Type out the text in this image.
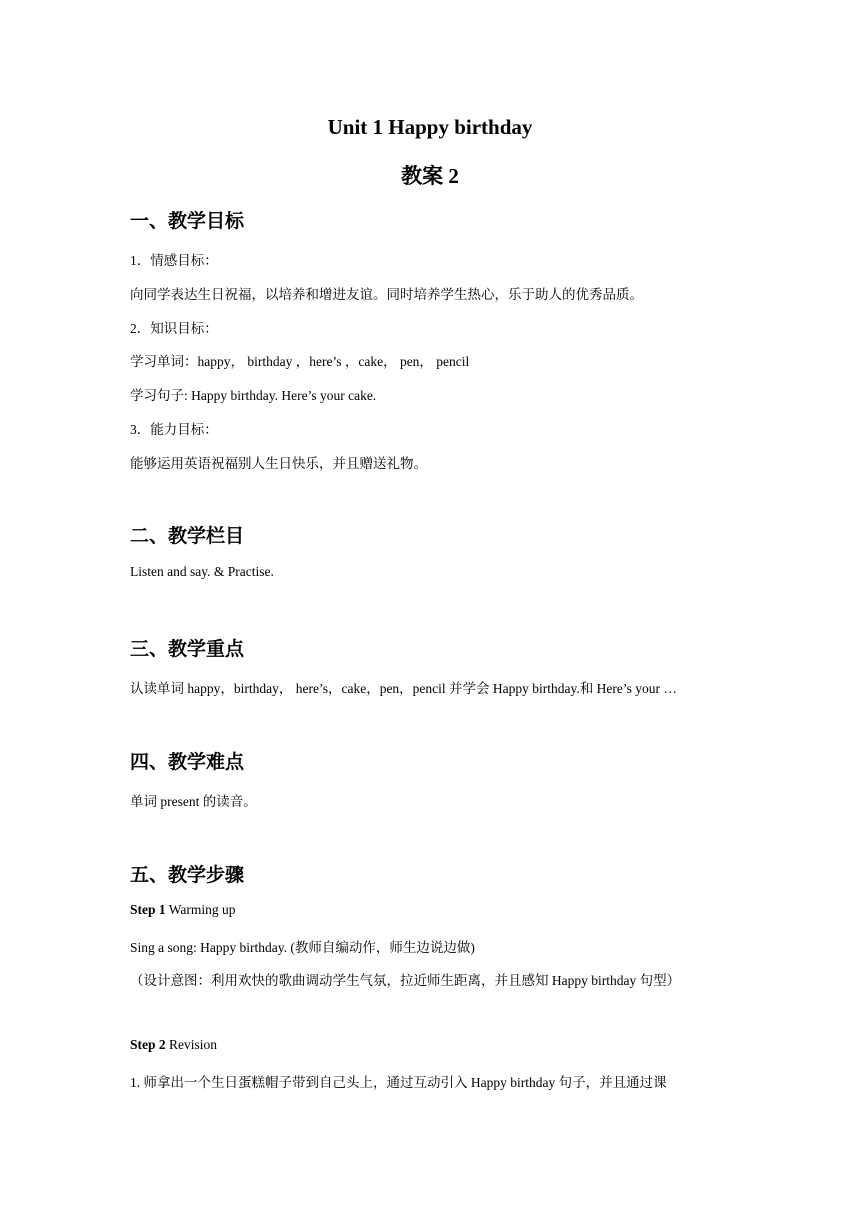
Unit 1 Happy birthday
教案 2
一、教学目标
1．情感目标：
向同学表达生日祝福，以培养和增进友谊。同时培养学生热心，乐于助人的优秀品质。
2．知识目标：
学习单词：happy， birthday ，here’s ，cake， pen， pencil
学习句子: Happy birthday. Here’s your cake.
3．能力目标：
能够运用英语祝福别人生日快乐，并且赠送礼物。
二、教学栏目
Listen and say. & Practise.
三、教学重点
认读单词 happy，birthday， here’s，cake，pen，pencil 并学会 Happy birthday.和 Here’s your …
四、教学难点
单词 present 的读音。
五、教学步骤
Step 1 Warming up
Sing a song: Happy birthday. (教师自编动作，师生边说边做)
（设计意图：利用欢快的歌曲调动学生气氛，拉近师生距离，并且感知 Happy birthday 句型）
Step 2 Revision
1. 师拿出一个生日蛋糕帽子带到自己头上，通过互动引入 Happy birthday 句子，并且通过课
